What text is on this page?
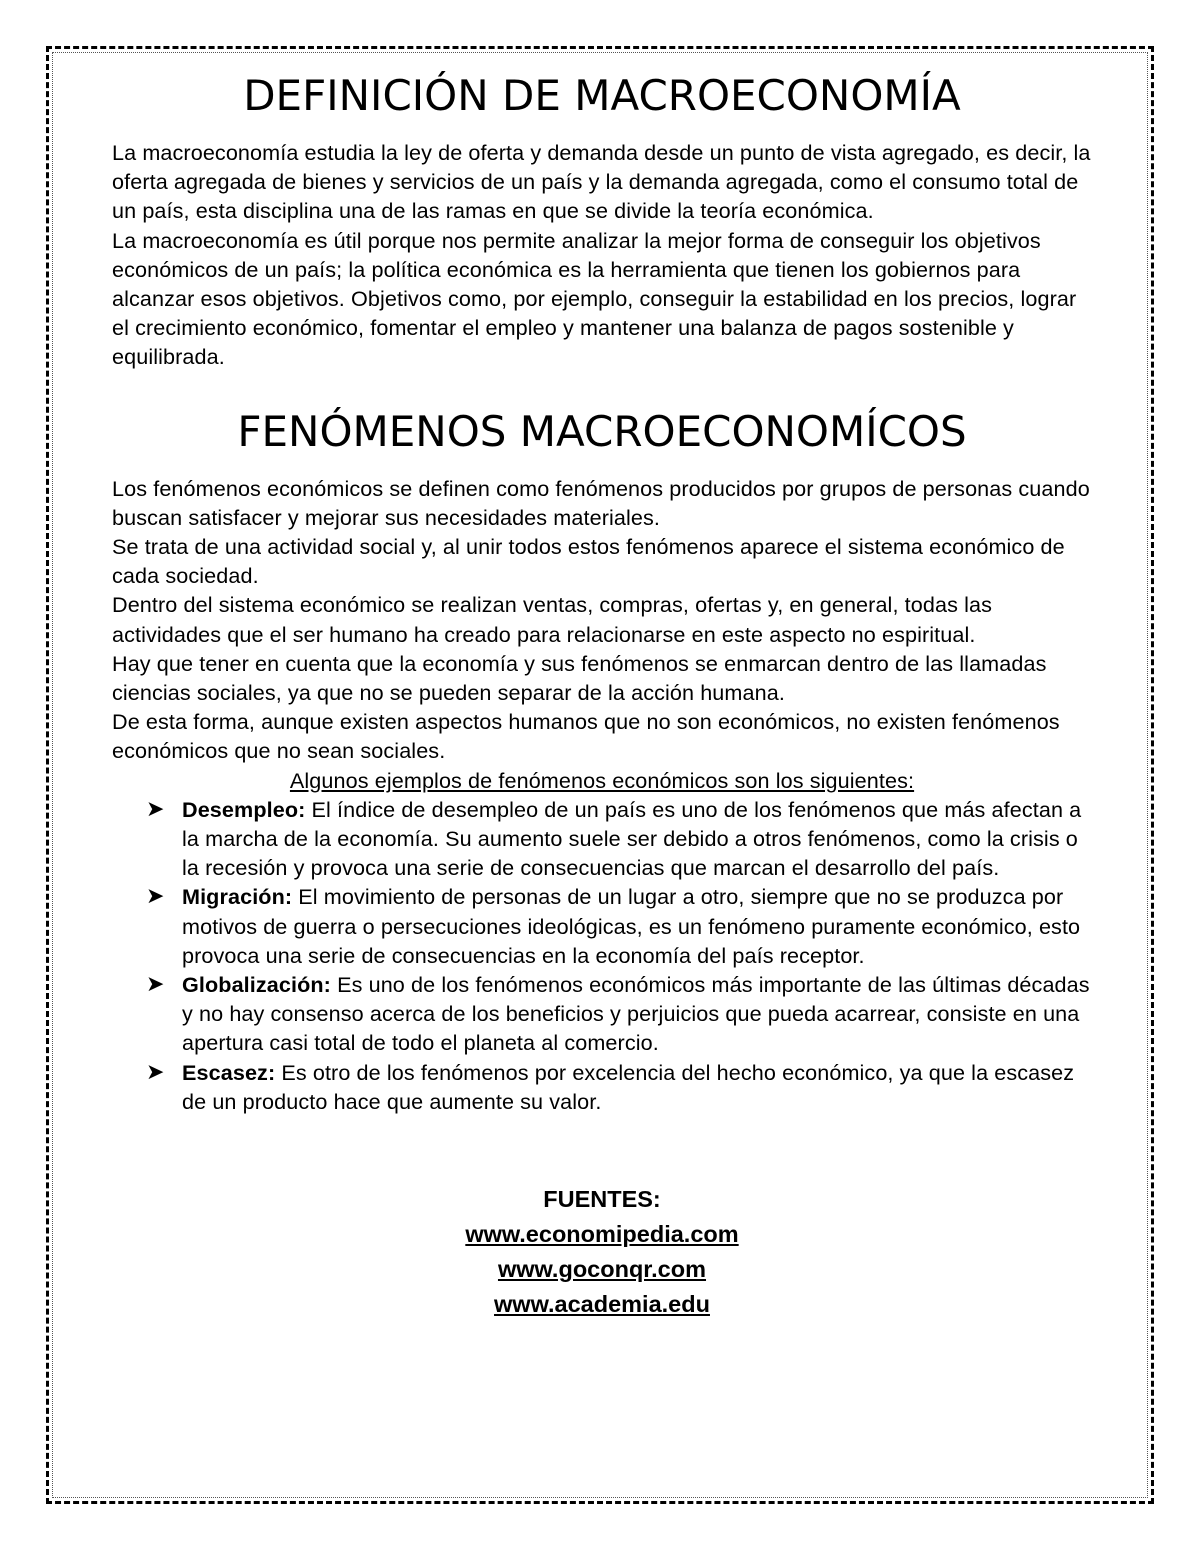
DEFINICIÓN DE MACROECONOMÍA

La macroeconomía estudia la ley de oferta y demanda desde un punto de vista agregado, es decir, la oferta agregada de bienes y servicios de un país y la demanda agregada, como el consumo total de un país, esta disciplina una de las ramas en que se divide la teoría económica.

La macroeconomía es útil porque nos permite analizar la mejor forma de conseguir los objetivos económicos de un país; la política económica es la herramienta que tienen los gobiernos para alcanzar esos objetivos. Objetivos como, por ejemplo, conseguir la estabilidad en los precios, lograr el crecimiento económico, fomentar el empleo y mantener una balanza de pagos sostenible y equilibrada.

FENÓMENOS MACROECONOMÍCOS

Los fenómenos económicos se definen como fenómenos producidos por grupos de personas cuando buscan satisfacer y mejorar sus necesidades materiales.

Se trata de una actividad social y, al unir todos estos fenómenos aparece el sistema económico de cada sociedad.

Dentro del sistema económico se realizan ventas, compras, ofertas y, en general, todas las actividades que el ser humano ha creado para relacionarse en este aspecto no espiritual.

Hay que tener en cuenta que la economía y sus fenómenos se enmarcan dentro de las llamadas ciencias sociales, ya que no se pueden separar de la acción humana.

De esta forma, aunque existen aspectos humanos que no son económicos, no existen fenómenos económicos que no sean sociales.

Algunos ejemplos de fenómenos económicos son los siguientes:

➤ Desempleo: El índice de desempleo de un país es uno de los fenómenos que más afectan a la marcha de la economía. Su aumento suele ser debido a otros fenómenos, como la crisis o la recesión y provoca una serie de consecuencias que marcan el desarrollo del país.
➤ Migración: El movimiento de personas de un lugar a otro, siempre que no se produzca por motivos de guerra o persecuciones ideológicas, es un fenómeno puramente económico, esto provoca una serie de consecuencias en la economía del país receptor.
➤ Globalización: Es uno de los fenómenos económicos más importante de las últimas décadas y no hay consenso acerca de los beneficios y perjuicios que pueda acarrear, consiste en una apertura casi total de todo el planeta al comercio.
➤ Escasez: Es otro de los fenómenos por excelencia del hecho económico, ya que la escasez de un producto hace que aumente su valor.
FUENTES:
www.economipedia.com
www.goconqr.com
www.academia.edu
